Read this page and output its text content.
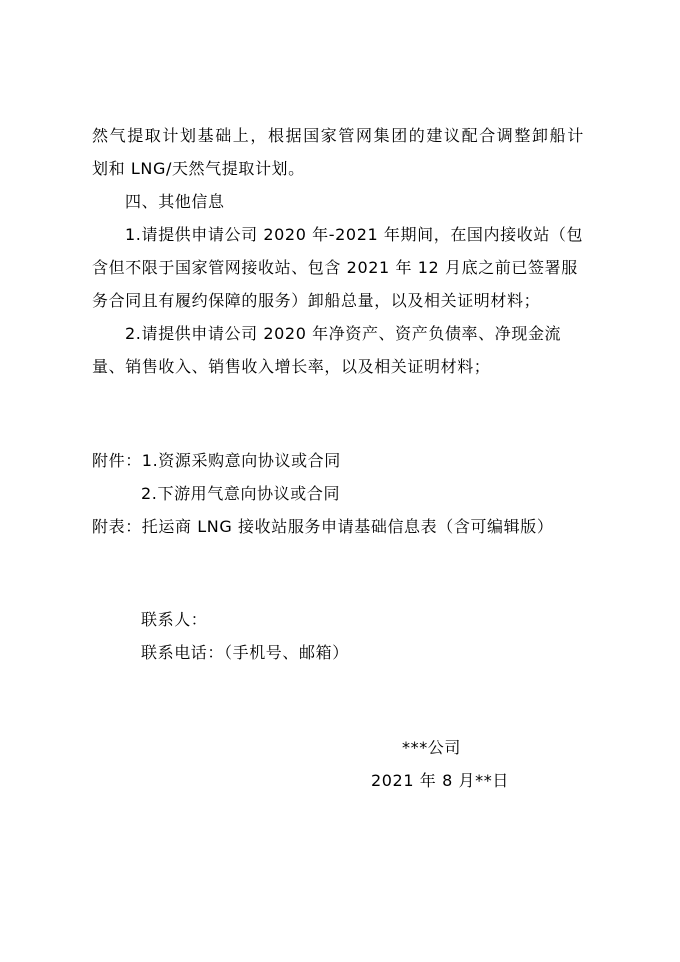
然气提取计划基础上，根据国家管网集团的建议配合调整卸船计
划和 LNG/天然气提取计划。
四、其他信息
1.请提供申请公司 2020 年-2021 年期间，在国内接收站（包
含但不限于国家管网接收站、包含 2021 年 12 月底之前已签署服
务合同且有履约保障的服务）卸船总量，以及相关证明材料；
2.请提供申请公司 2020 年净资产、资产负债率、净现金流
量、销售收入、销售收入增长率，以及相关证明材料；
附件：1.资源采购意向协议或合同
2.下游用气意向协议或合同
附表：托运商 LNG 接收站服务申请基础信息表（含可编辑版）
联系人：
联系电话：（手机号、邮箱）
***公司
2021 年 8 月**日
